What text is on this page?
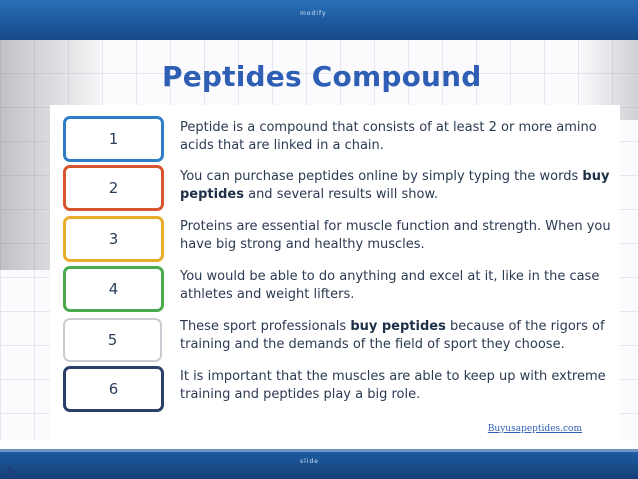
modify
Peptides Compound
1
2
3
4
5
6
Peptide is a compound that consists of at least 2 or more amino acids that are linked in a chain.
You can purchase peptides online by simply typing the words buy peptides and several results will show.
Proteins are essential for muscle function and strength. When you have big strong and healthy muscles.
You would be able to do anything and excel at it, like in the case athletes and weight lifters.
These sport professionals buy peptides because of the rigors of training and the demands of the field of sport they choose.
It is important that the muscles are able to keep up with extreme training and peptides play a big role.
Buyusapeptides.com
slide
5
